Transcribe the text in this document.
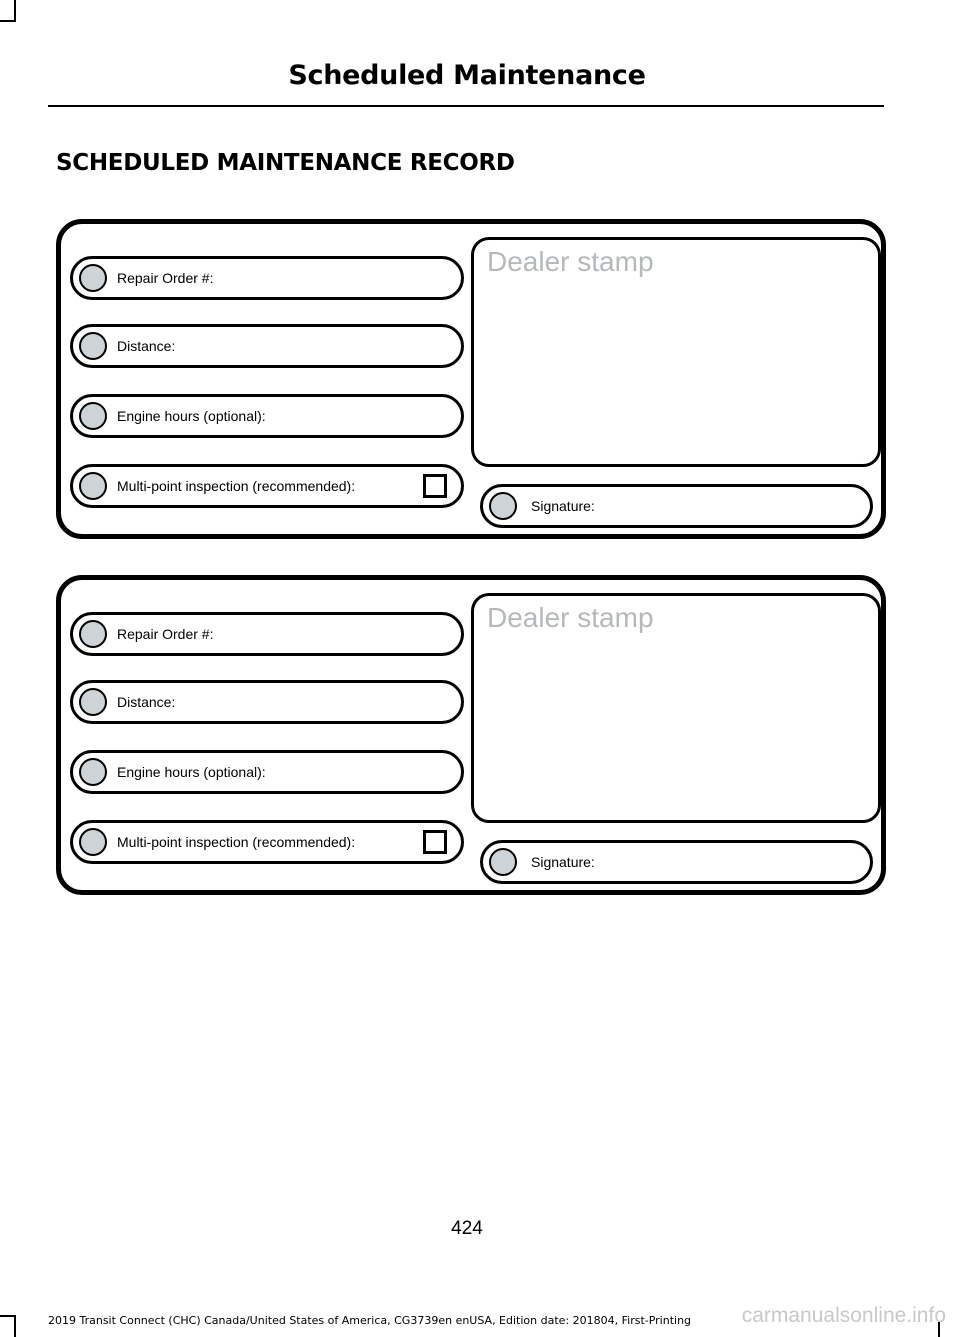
Scheduled Maintenance
SCHEDULED MAINTENANCE RECORD
Repair Order #:
Distance:
Engine hours (optional):
Multi-point inspection (recommended):
Dealer stamp
Signature:
Repair Order #:
Distance:
Engine hours (optional):
Multi-point inspection (recommended):
Dealer stamp
Signature:
424
2019 Transit Connect (CHC) Canada/United States of America, CG3739en enUSA, Edition date: 201804, First-Printing carmanualsonline.info
